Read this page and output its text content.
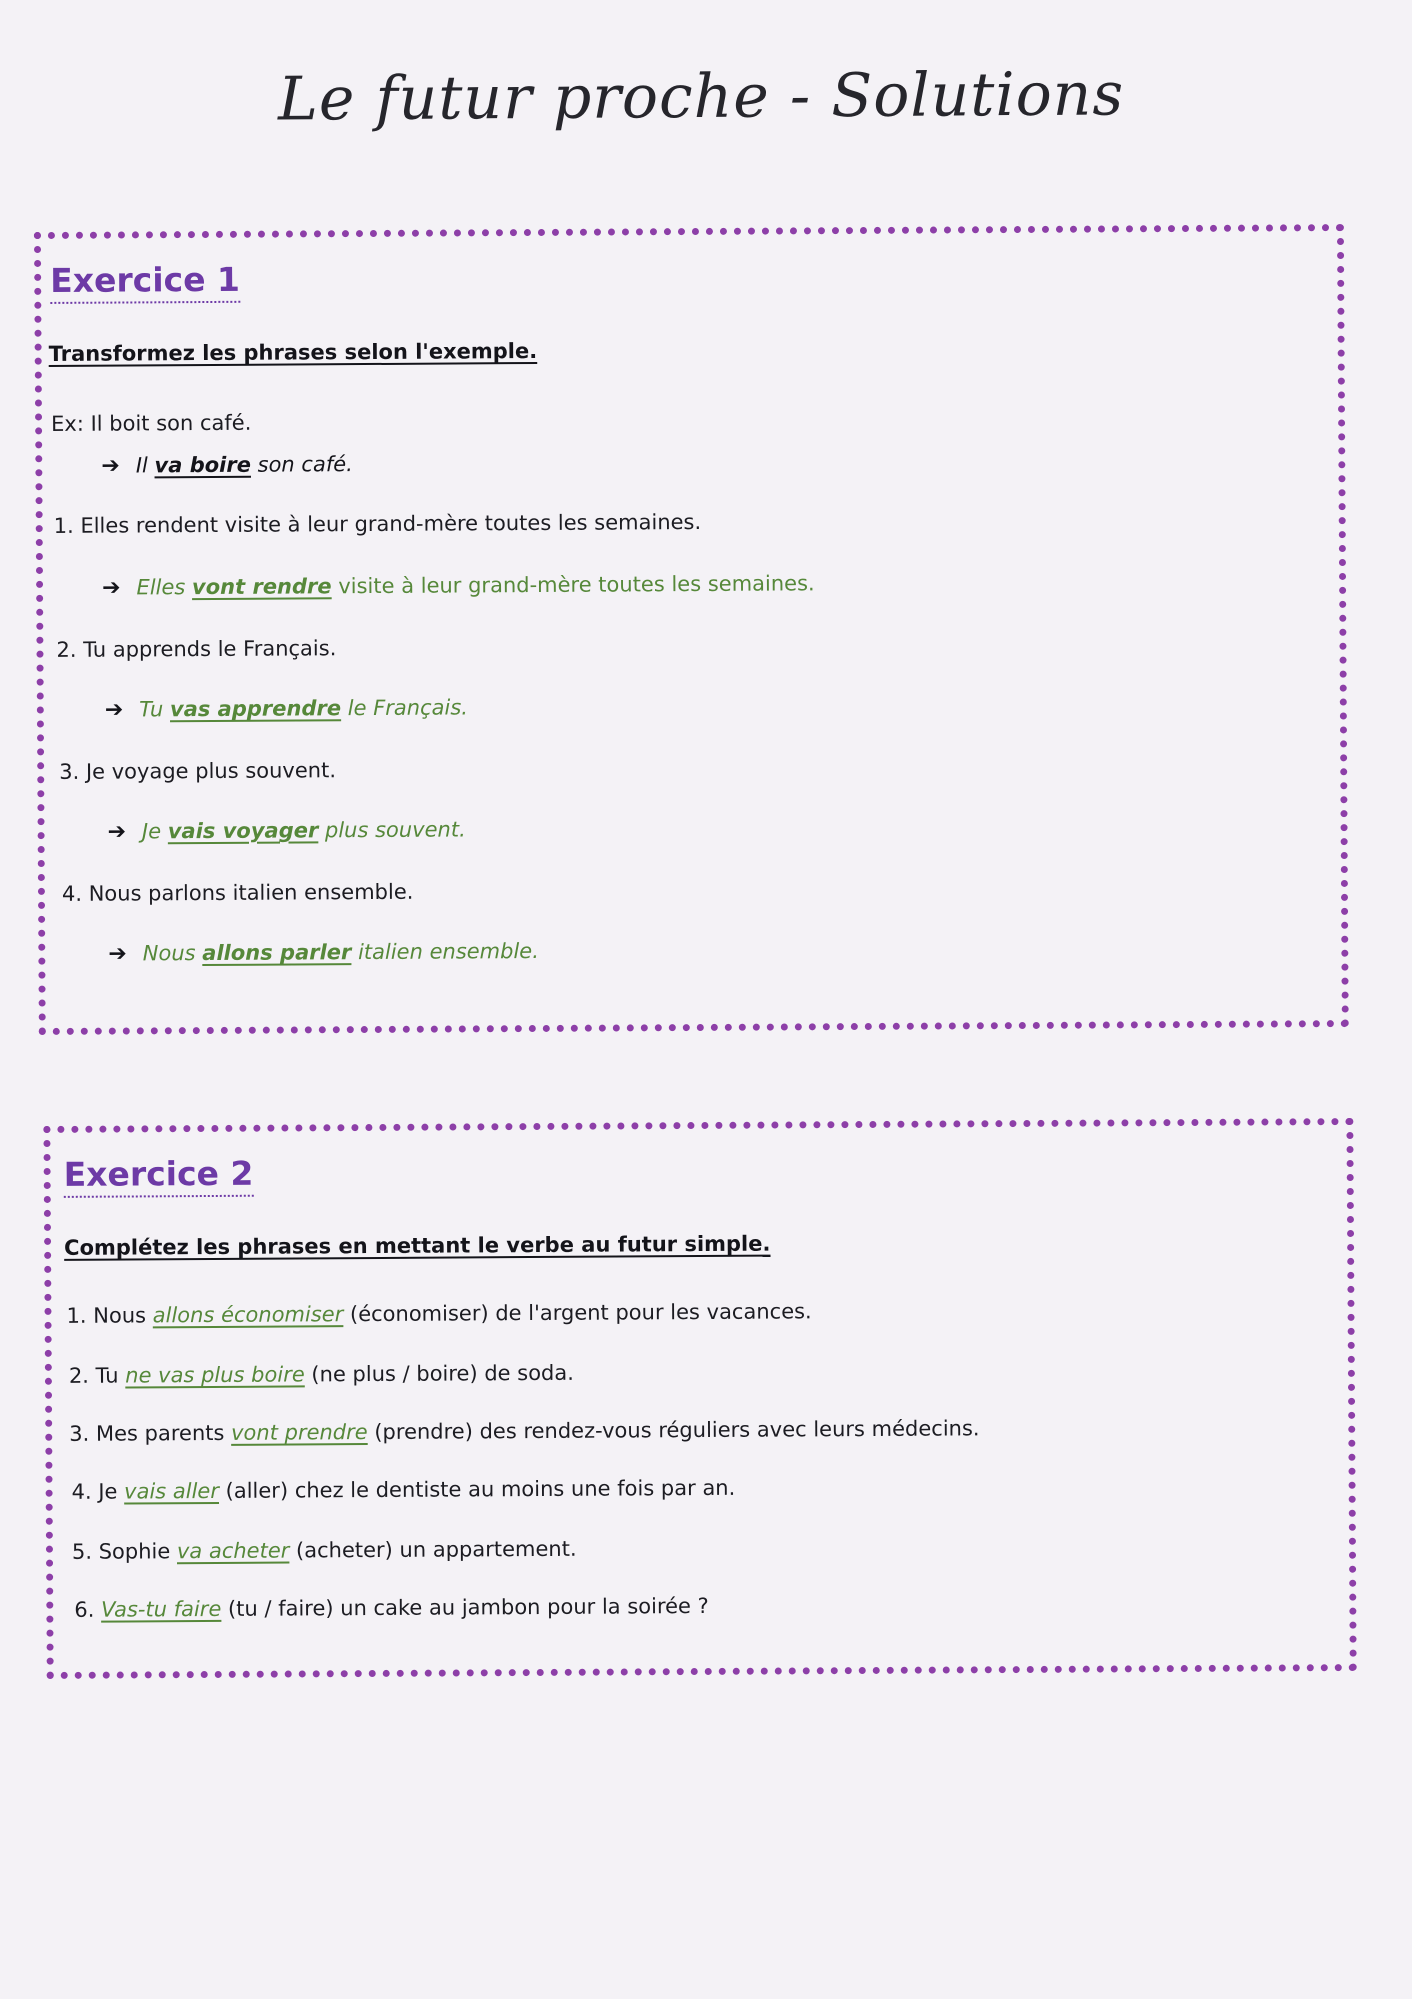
Le futur proche - Solutions
Exercice 1
Transformez les phrases selon l'exemple.
Ex: Il boit son café.
➔ Il va boire son café.
1. Elles rendent visite à leur grand-mère toutes les semaines.
➔ Elles vont rendre visite à leur grand-mère toutes les semaines.
2. Tu apprends le Français.
➔ Tu vas apprendre le Français.
3. Je voyage plus souvent.
➔ Je vais voyager plus souvent.
4. Nous parlons italien ensemble.
➔ Nous allons parler italien ensemble.
Exercice 2
Complétez les phrases en mettant le verbe au futur simple.
1. Nous allons économiser (économiser) de l'argent pour les vacances.
2. Tu ne vas plus boire (ne plus / boire) de soda.
3. Mes parents vont prendre (prendre) des rendez-vous réguliers avec leurs médecins.
4. Je vais aller (aller) chez le dentiste au moins une fois par an.
5. Sophie va acheter (acheter) un appartement.
6. Vas-tu faire (tu / faire) un cake au jambon pour la soirée ?
